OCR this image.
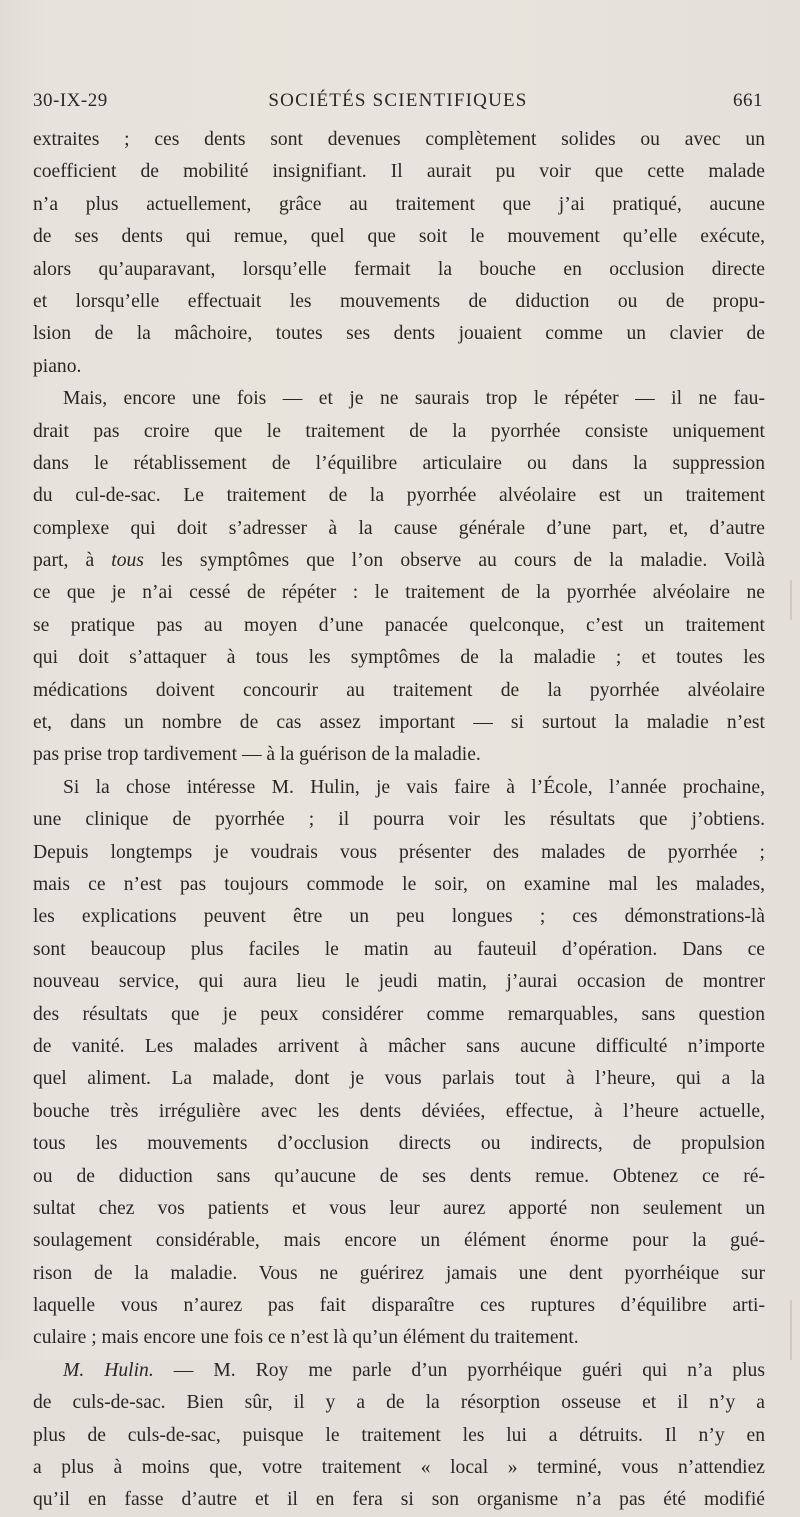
SOCIÉTÉS SCIENTIFIQUES
30-IX-29	661
extraites ; ces dents sont devenues complètement solides ou avec un
coefficient de mobilité insignifiant. Il aurait pu voir que cette malade
n’a plus actuellement, grâce au traitement que j’ai pratiqué, aucune
de ses dents qui remue, quel que soit le mouvement qu’elle exécute,
alors qu’auparavant, lorsqu’elle fermait la bouche en occlusion directe
et lorsqu’elle effectuait les mouvements de diduction ou de propu-
lsion de la mâchoire, toutes ses dents jouaient comme un clavier de
piano.
Mais, encore une fois — et je ne saurais trop le répéter — il ne fau-
drait pas croire que le traitement de la pyorrhée consiste uniquement
dans le rétablissement de l’équilibre articulaire ou dans la suppression
du cul-de-sac. Le traitement de la pyorrhée alvéolaire est un traitement
complexe qui doit s’adresser à la cause générale d’une part, et, d’autre
part, à tous les symptômes que l’on observe au cours de la maladie. Voilà
ce que je n’ai cessé de répéter : le traitement de la pyorrhée alvéolaire ne
se pratique pas au moyen d’une panacée quelconque, c’est un traitement
qui doit s’attaquer à tous les symptômes de la maladie ; et toutes les
médications doivent concourir au traitement de la pyorrhée alvéolaire
et, dans un nombre de cas assez important — si surtout la maladie n’est
pas prise trop tardivement — à la guérison de la maladie.
Si la chose intéresse M. Hulin, je vais faire à l’École, l’année prochaine,
une clinique de pyorrhée ; il pourra voir les résultats que j’obtiens.
Depuis longtemps je voudrais vous présenter des malades de pyorrhée ;
mais ce n’est pas toujours commode le soir, on examine mal les malades,
les explications peuvent être un peu longues ; ces démonstrations-là
sont beaucoup plus faciles le matin au fauteuil d’opération. Dans ce
nouveau service, qui aura lieu le jeudi matin, j’aurai occasion de montrer
des résultats que je peux considérer comme remarquables, sans question
de vanité. Les malades arrivent à mâcher sans aucune difficulté n’importe
quel aliment. La malade, dont je vous parlais tout à l’heure, qui a la
bouche très irrégulière avec les dents déviées, effectue, à l’heure actuelle,
tous les mouvements d’occlusion directs ou indirects, de propulsion
ou de diduction sans qu’aucune de ses dents remue. Obtenez ce ré-
sultat chez vos patients et vous leur aurez apporté non seulement un
soulagement considérable, mais encore un élément énorme pour la gué-
rison de la maladie. Vous ne guérirez jamais une dent pyorrhéique sur
laquelle vous n’aurez pas fait disparaître ces ruptures d’équilibre arti-
culaire ; mais encore une fois ce n’est là qu’un élément du traitement.
M. Hulin. — M. Roy me parle d’un pyorrhéique guéri qui n’a plus
de culs-de-sac. Bien sûr, il y a de la résorption osseuse et il n’y a
plus de culs-de-sac, puisque le traitement les lui a détruits. Il n’y en
a plus à moins que, votre traitement « local » terminé, vous n’attendiez
qu’il en fasse d’autre et il en fera si son organisme n’a pas été modifié
